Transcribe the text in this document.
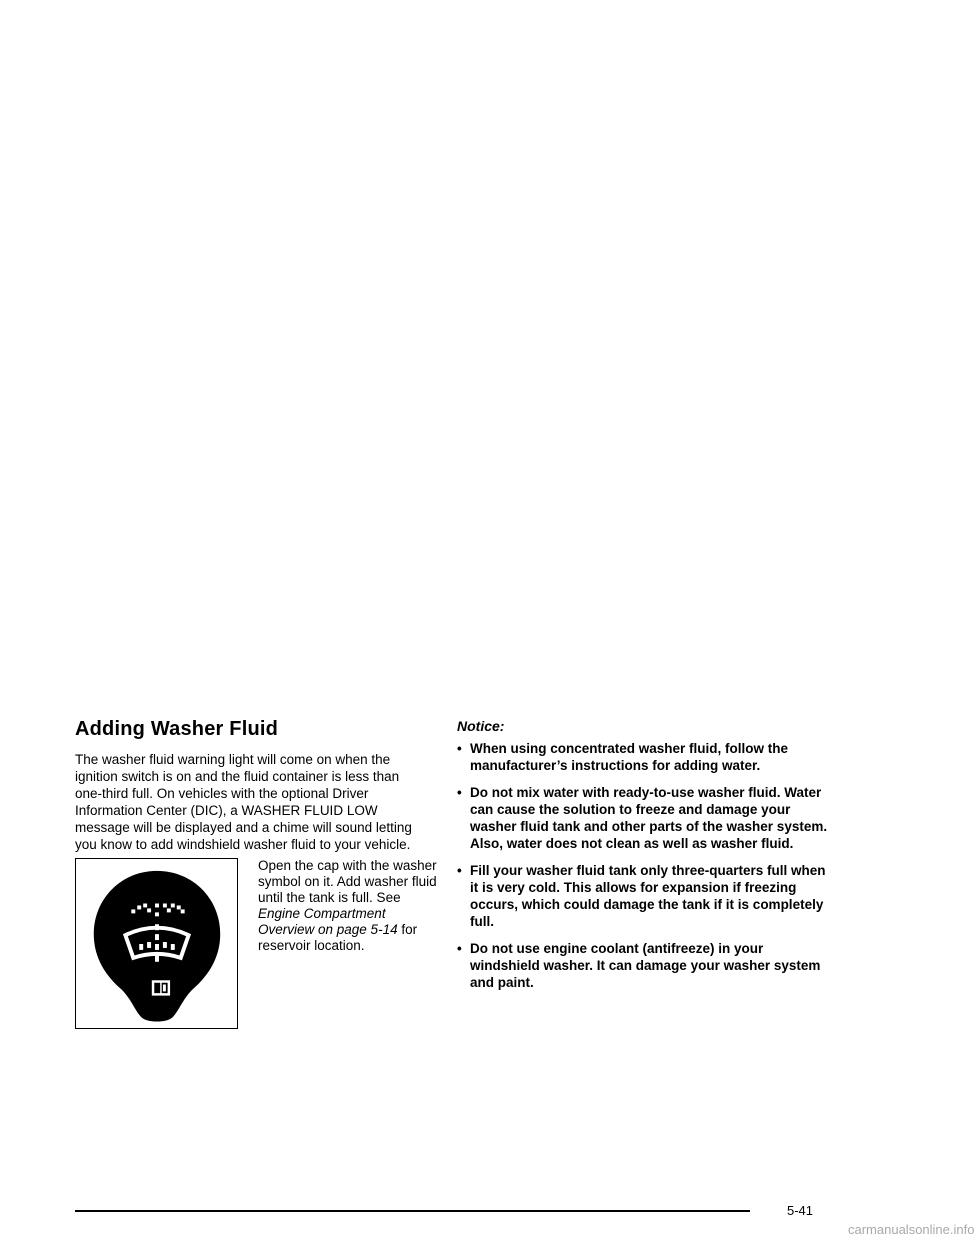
Adding Washer Fluid

The washer fluid warning light will come on when the ignition switch is on and the fluid container is less than one-third full. On vehicles with the optional Driver Information Center (DIC), a WASHER FLUID LOW message will be displayed and a chime will sound letting you know to add windshield washer fluid to your vehicle.

Open the cap with the washer symbol on it. Add washer fluid until the tank is full. See Engine Compartment Overview on page 5-14 for reservoir location.

Notice:

• When using concentrated washer fluid, follow the manufacturer’s instructions for adding water.
• Do not mix water with ready-to-use washer fluid. Water can cause the solution to freeze and damage your washer fluid tank and other parts of the washer system. Also, water does not clean as well as washer fluid.
• Fill your washer fluid tank only three-quarters full when it is very cold. This allows for expansion if freezing occurs, which could damage the tank if it is completely full.
• Do not use engine coolant (antifreeze) in your windshield washer. It can damage your washer system and paint.
5-41
carmanualsonline.info
